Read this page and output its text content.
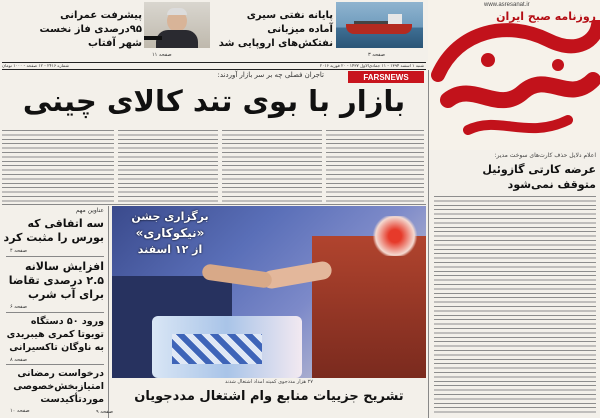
www.asresanat.ir
روزنامه صبح ایران
پایانه نفتی سیری
آماده میزبانی
نفتکش‌های اروپایی شد
صفحه ۳
پیشرفت عمرانی
۹۵درصدی فاز نخست
شهر آفتاب
صفحه ۱۱
شنبه ۱ اسفند ۱۳۹۴ - ۱۱ جمادی‌الاول ۱۴۳۷ - ۲۰ فوریه ۲۰۱۶
شماره ۲۴۱۶ - ۱۲ صفحه - ۱۰۰۰ تومان
تاجران فصلی چه بر سر بازار آوردند:	FARSNEWS
بازار با بوی تند کالای چینی
اعلام دلایل حذف کارت‌های سوخت مدیر:
عرضه کارتی گازوئیل
متوقف نمی‌شود
عناوین مهم
سه اتفاقی که
بورس را مثبت کرد
صفحه ۴
افزایش سالانه
۲.۵ درصدی تقاضا
برای آب شرب
صفحه ۶
ورود ۵۰ دستگاه
تویوتا کمری هیبریدی
به ناوگان تاکسیرانی
صفحه ۸
درخواست رمضانی
امتیازبخش‌خصوصی
موردتأکیدست
صفحه ۱۰
برگزاری جشن
«نیکوکاری»
از ۱۲ اسفند
۲۷ هزار مددجوی کمیته امداد اشتغال شدند
تشریح جزییات منابع وام اشتغال مددجویان
صفحه ۹
